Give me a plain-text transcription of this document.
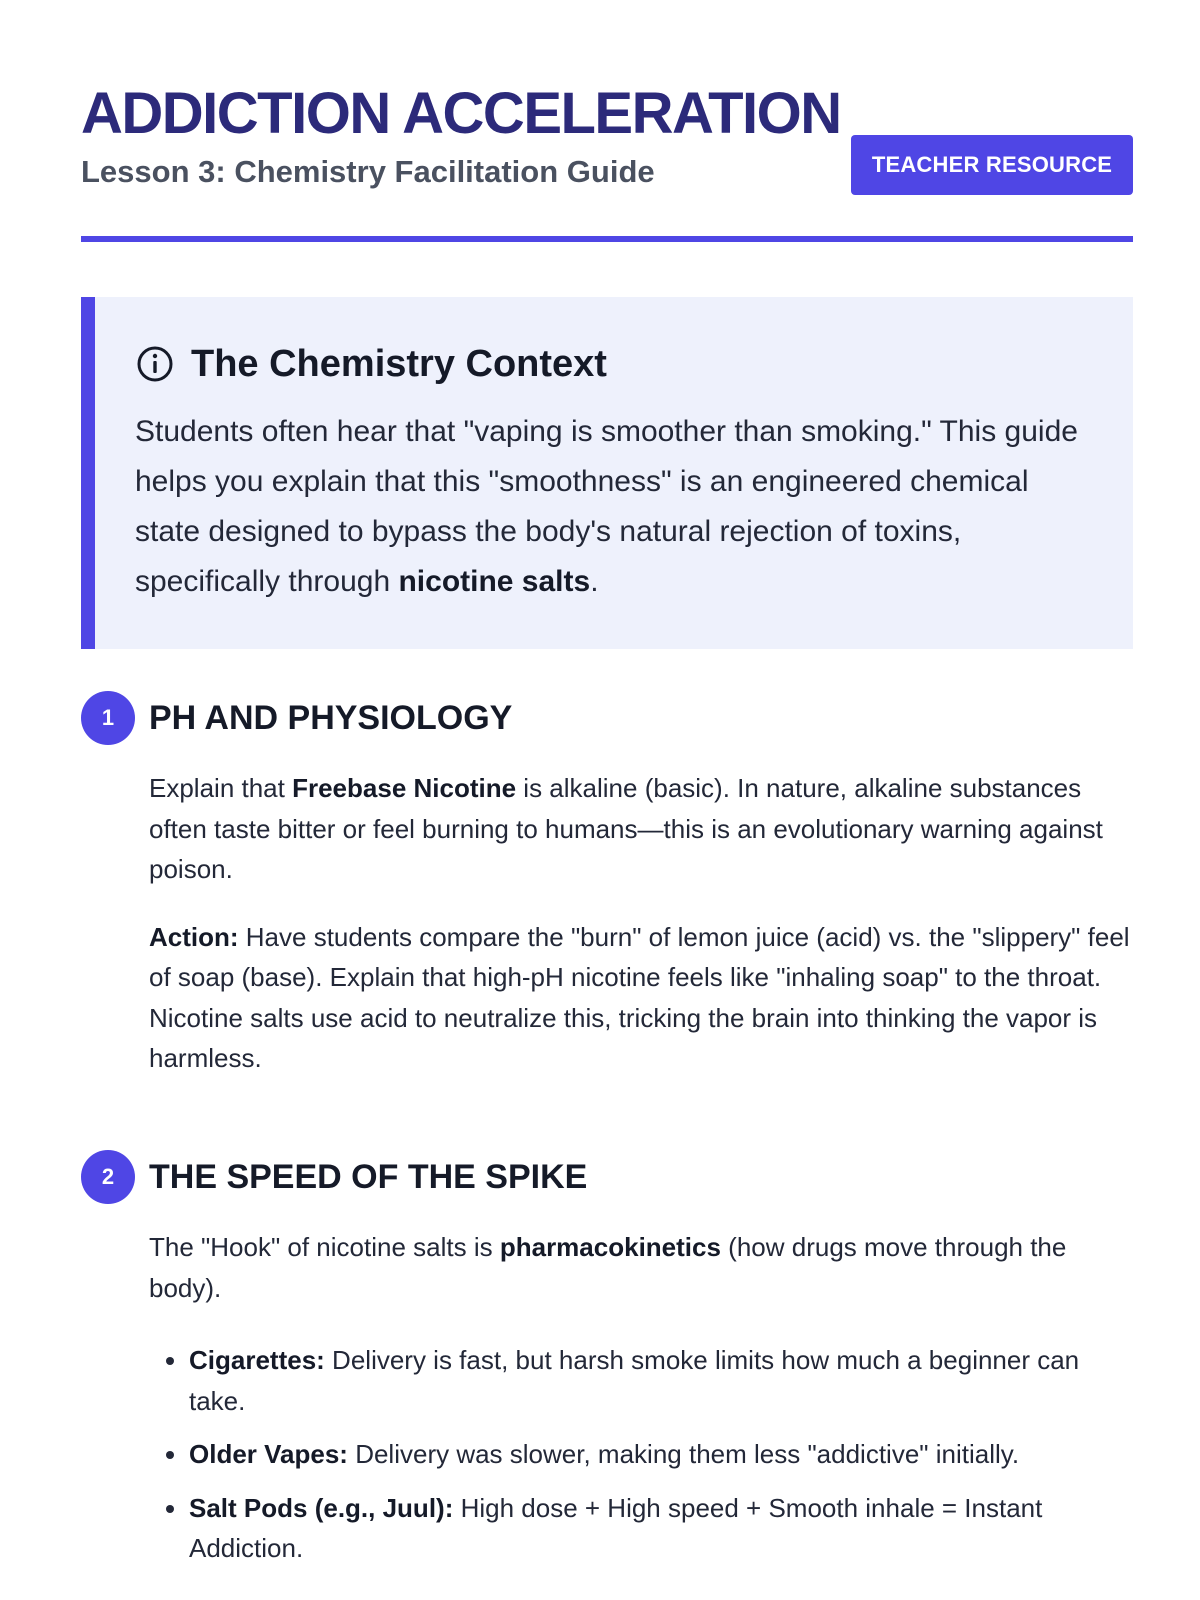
ADDICTION ACCELERATION

Lesson 3: Chemistry Facilitation Guide	TEACHER RESOURCE
The Chemistry Context

Students often hear that "vaping is smoother than smoking." This guide helps you explain that this "smoothness" is an engineered chemical state designed to bypass the body's natural rejection of toxins, specifically through nicotine salts.

1	PH AND PHYSIOLOGY

Explain that Freebase Nicotine is alkaline (basic). In nature, alkaline substances often taste bitter or feel burning to humans—this is an evolutionary warning against poison.

Action: Have students compare the "burn" of lemon juice (acid) vs. the "slippery" feel of soap (base). Explain that high-pH nicotine feels like "inhaling soap" to the throat. Nicotine salts use acid to neutralize this, tricking the brain into thinking the vapor is harmless.

2	THE SPEED OF THE SPIKE

The "Hook" of nicotine salts is pharmacokinetics (how drugs move through the body).

• Cigarettes: Delivery is fast, but harsh smoke limits how much a beginner can take.
• Older Vapes: Delivery was slower, making them less "addictive" initially.
• Salt Pods (e.g., Juul): High dose + High speed + Smooth inhale = Instant Addiction.
